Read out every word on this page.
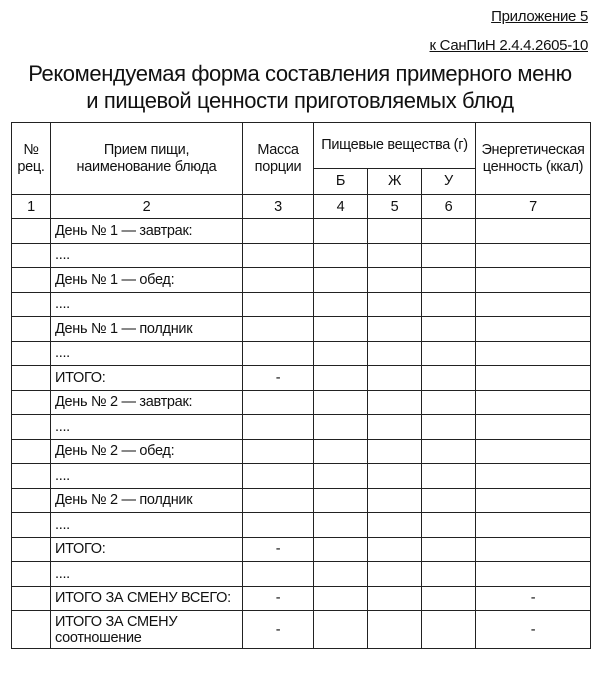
Приложение 5
к СанПиН 2.4.4.2605-10
Рекомендуемая форма составления примерного меню
и пищевой ценности приготовляемых блюд
№ рец.	Прием пищи, наименование блюда	Масса порции	Пищевые вещества (г)			Энергетическая ценность (ккал)
			Б	Ж	У	
1	2	3	4	5	6	7
	День № 1 — завтрак:					
	....					
	День № 1 — обед:					
	....					
	День № 1 — полдник					
	....					
	ИТОГО:	-				
	День № 2 — завтрак:					
	....					
	День № 2 — обед:					
	....					
	День № 2 — полдник					
	....					
	ИТОГО:	-				
	....					
	ИТОГО ЗА СМЕНУ ВСЕГО:	-				-
	ИТОГО ЗА СМЕНУ соотношение	-				-
